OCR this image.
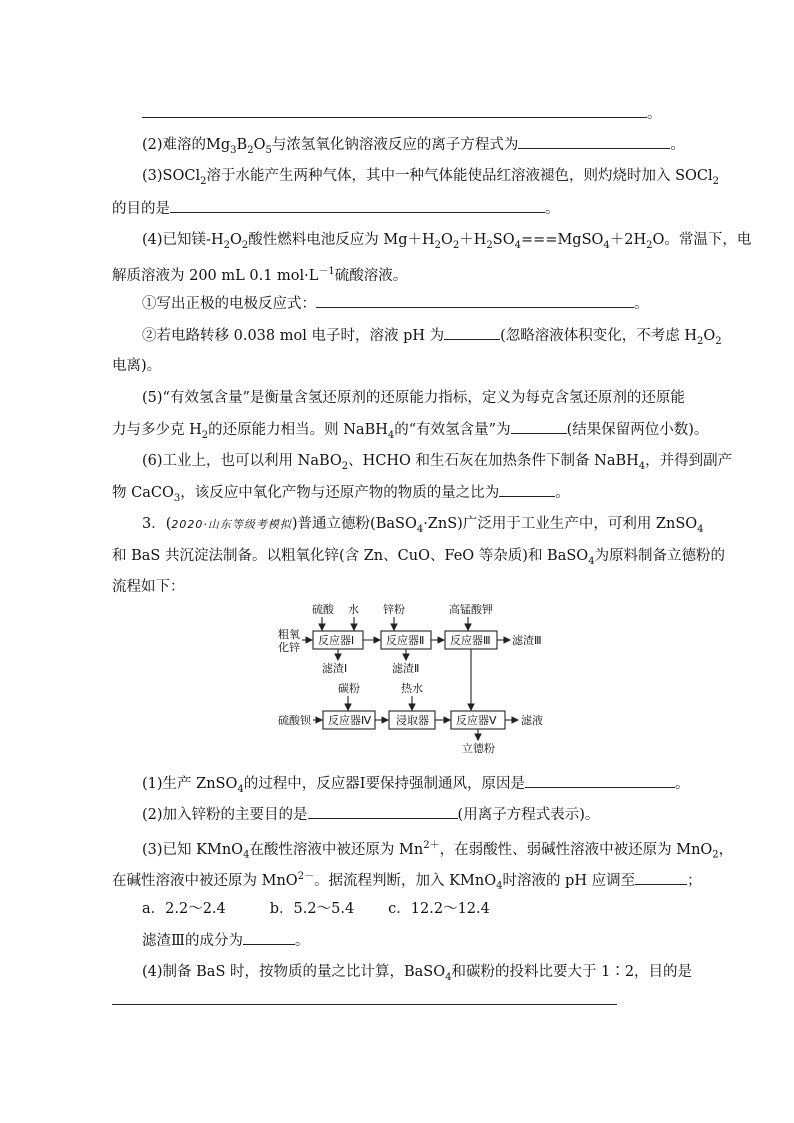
。
(2)难溶的$Mg_3B_2O_5$与浓氢氧化钠溶液反应的离子方程式为	。
(3)SOCl$_2$溶于水能产生两种气体，其中一种气体能使品红溶液褪色，则灼烧时加入 SOCl$_2$
的目的是	。
(4)已知镁$-H_2O_2$酸性燃料电池反应为 $Mg+H_2O_2+H_2SO_4===MgSO_4+2H_2O$。常温下，电
解质溶液为 200 mL 0.1 $mol\cdot L^{-1}$硫酸溶液。
①写出正极的电极反应式：	。
②若电路转移 0.038 mol 电子时，溶液 pH 为	(忽略溶液体积变化，不考虑 $H_2O_2$
电离)。
(5)“有效氢含量”是衡量含氢还原剂的还原能力指标，定义为每克含氢还原剂的还原能
力与多少克 $H_2$的还原能力相当。则 NaBH$_4$的“有效氢含量”为	(结果保留两位小数)。
(6)工业上，也可以利用 NaBO$_2$、HCHO 和生石灰在加热条件下制备 NaBH$_4$，并得到副产
物 CaCO$_3$，该反应中氧化产物与还原产物的物质的量之比为	。
3．(2020·山东等级考模拟)普通立德粉(BaSO$_4$·ZnS)广泛用于工业生产中，可利用 ZnSO$_4$
和 BaS 共沉淀法制备。以粗氧化锌(含 Zn、CuO、FeO 等杂质)和 BaSO$_4$为原料制备立德粉的
流程如下：
硫酸 水 锌粉	高锰酸钾
粗氧
化锌
反应器Ⅰ	反应器Ⅱ 反应器Ⅲ 滤渣Ⅲ
滤渣Ⅰ	滤渣Ⅱ
碳粉	热水
硫酸钡 反应器Ⅳ 浸取器 反应器Ⅴ 滤液
立德粉
(1)生产 ZnSO$_4$的过程中，反应器Ⅰ要保持强制通风，原因是	。
(2)加入锌粉的主要目的是	(用离子方程式表示)。
(3)已知 KMnO$_4$在酸性溶液中被还原为 $Mn^{2+}$，在弱酸性、弱碱性溶液中被还原为 MnO$_2$，
在碱性溶液中被还原为 MnO$^{2-}$。据流程判断，加入 KMnO$_4$时溶液的 pH 应调至	；
a．2.2～2.4	b．5.2～5.4 c．12.2～12.4
滤渣Ⅲ的成分为	。
(4)制备 BaS 时，按物质的量之比计算，BaSO$_4$和碳粉的投料比要大于 1∶2，目的是
